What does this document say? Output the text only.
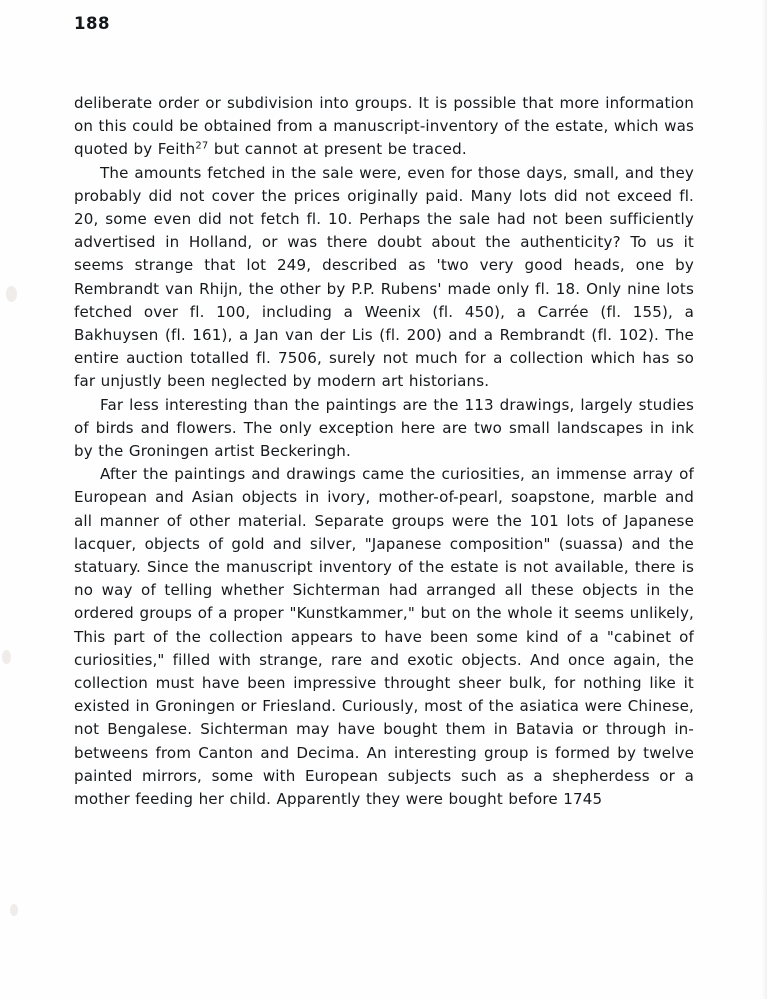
188

deliberate order or subdivision into groups. It is possible that more information on this could be obtained from a manuscript-inventory of the estate, which was quoted by Feith$^{27}$ but cannot at present be traced.

The amounts fetched in the sale were, even for those days, small, and they probably did not cover the prices originally paid. Many lots did not exceed fl. 20, some even did not fetch fl. 10. Perhaps the sale had not been sufficiently advertised in Holland, or was there doubt about the authenticity? To us it seems strange that lot 249, described as 'two very good heads, one by Rembrandt van Rhijn, the other by P.P. Rubens' made only fl. 18. Only nine lots fetched over fl. 100, including a Weenix (fl. 450), a Carrée (fl. 155), a Bakhuysen (fl. 161), a Jan van der Lis (fl. 200) and a Rembrandt (fl. 102). The entire auction totalled fl. 7506, surely not much for a collection which has so far unjustly been neglected by modern art historians.

Far less interesting than the paintings are the 113 drawings, largely studies of birds and flowers. The only exception here are two small landscapes in ink by the Groningen artist Beckeringh.

After the paintings and drawings came the curiosities, an immense array of European and Asian objects in ivory, mother-of-pearl, soapstone, marble and all manner of other material. Separate groups were the 101 lots of Japanese lacquer, objects of gold and silver, "Japanese composition" (suassa) and the statuary. Since the manuscript inventory of the estate is not available, there is no way of telling whether Sichterman had arranged all these objects in the ordered groups of a proper "Kunstkammer," but on the whole it seems unlikely, This part of the collection appears to have been some kind of a "cabinet of curiosities," filled with strange, rare and exotic objects. And once again, the collection must have been impressive throught sheer bulk, for nothing like it existed in Groningen or Friesland. Curiously, most of the asiatica were Chinese, not Bengalese. Sichterman may have bought them in Batavia or through in- betweens from Canton and Decima. An interesting group is formed by twelve painted mirrors, some with European subjects such as a shepherdess or a mother feeding her child. Apparently they were bought before 1745
